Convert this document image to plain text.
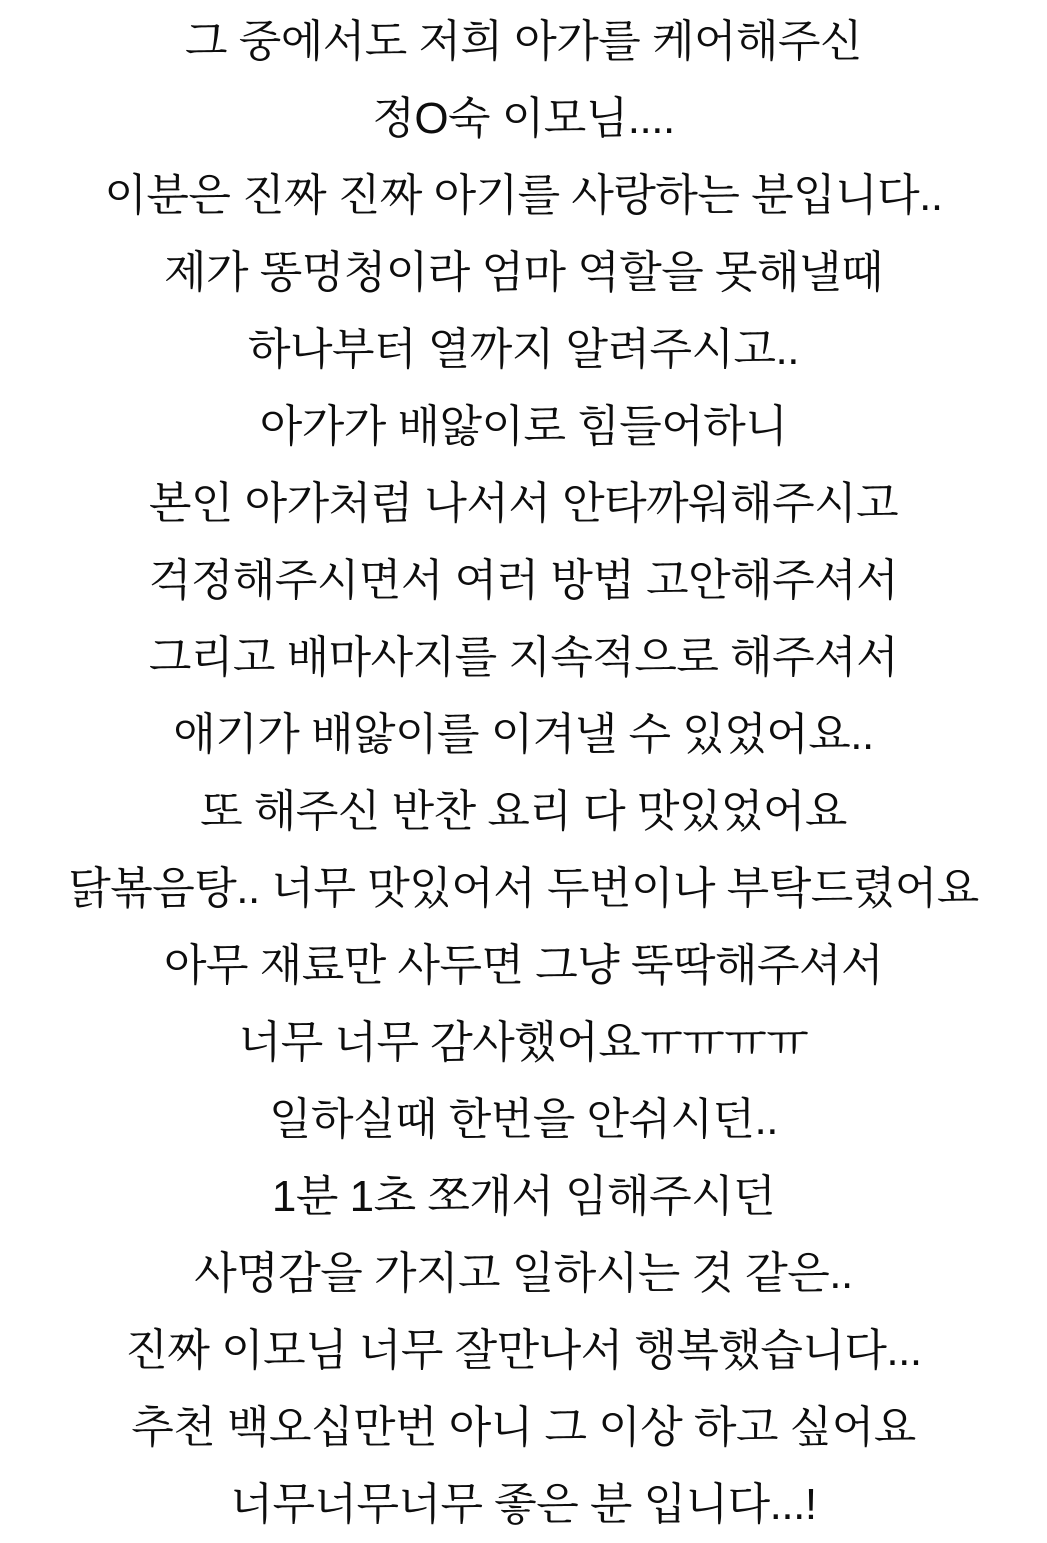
그 중에서도 저희 아가를 케어해주신

정O숙 이모님....

이분은 진짜 진짜 아기를 사랑하는 분입니다..

제가 똥멍청이라 엄마 역할을 못해낼때

하나부터 열까지 알려주시고..

아가가 배앓이로 힘들어하니

본인 아가처럼 나서서 안타까워해주시고

걱정해주시면서 여러 방법 고안해주셔서

그리고 배마사지를 지속적으로 해주셔서

애기가 배앓이를 이겨낼 수 있었어요..

또 해주신 반찬 요리 다 맛있었어요

닭볶음탕.. 너무 맛있어서 두번이나 부탁드렸어요

아무 재료만 사두면 그냥 뚝딱해주셔서

너무 너무 감사했어요ㅠㅠㅠㅠ

일하실때 한번을 안쉬시던..

1분 1초 쪼개서 임해주시던

사명감을 가지고 일하시는 것 같은..

진짜 이모님 너무 잘만나서 행복했습니다...

추천 백오십만번 아니 그 이상 하고 싶어요

너무너무너무 좋은 분 입니다...!
